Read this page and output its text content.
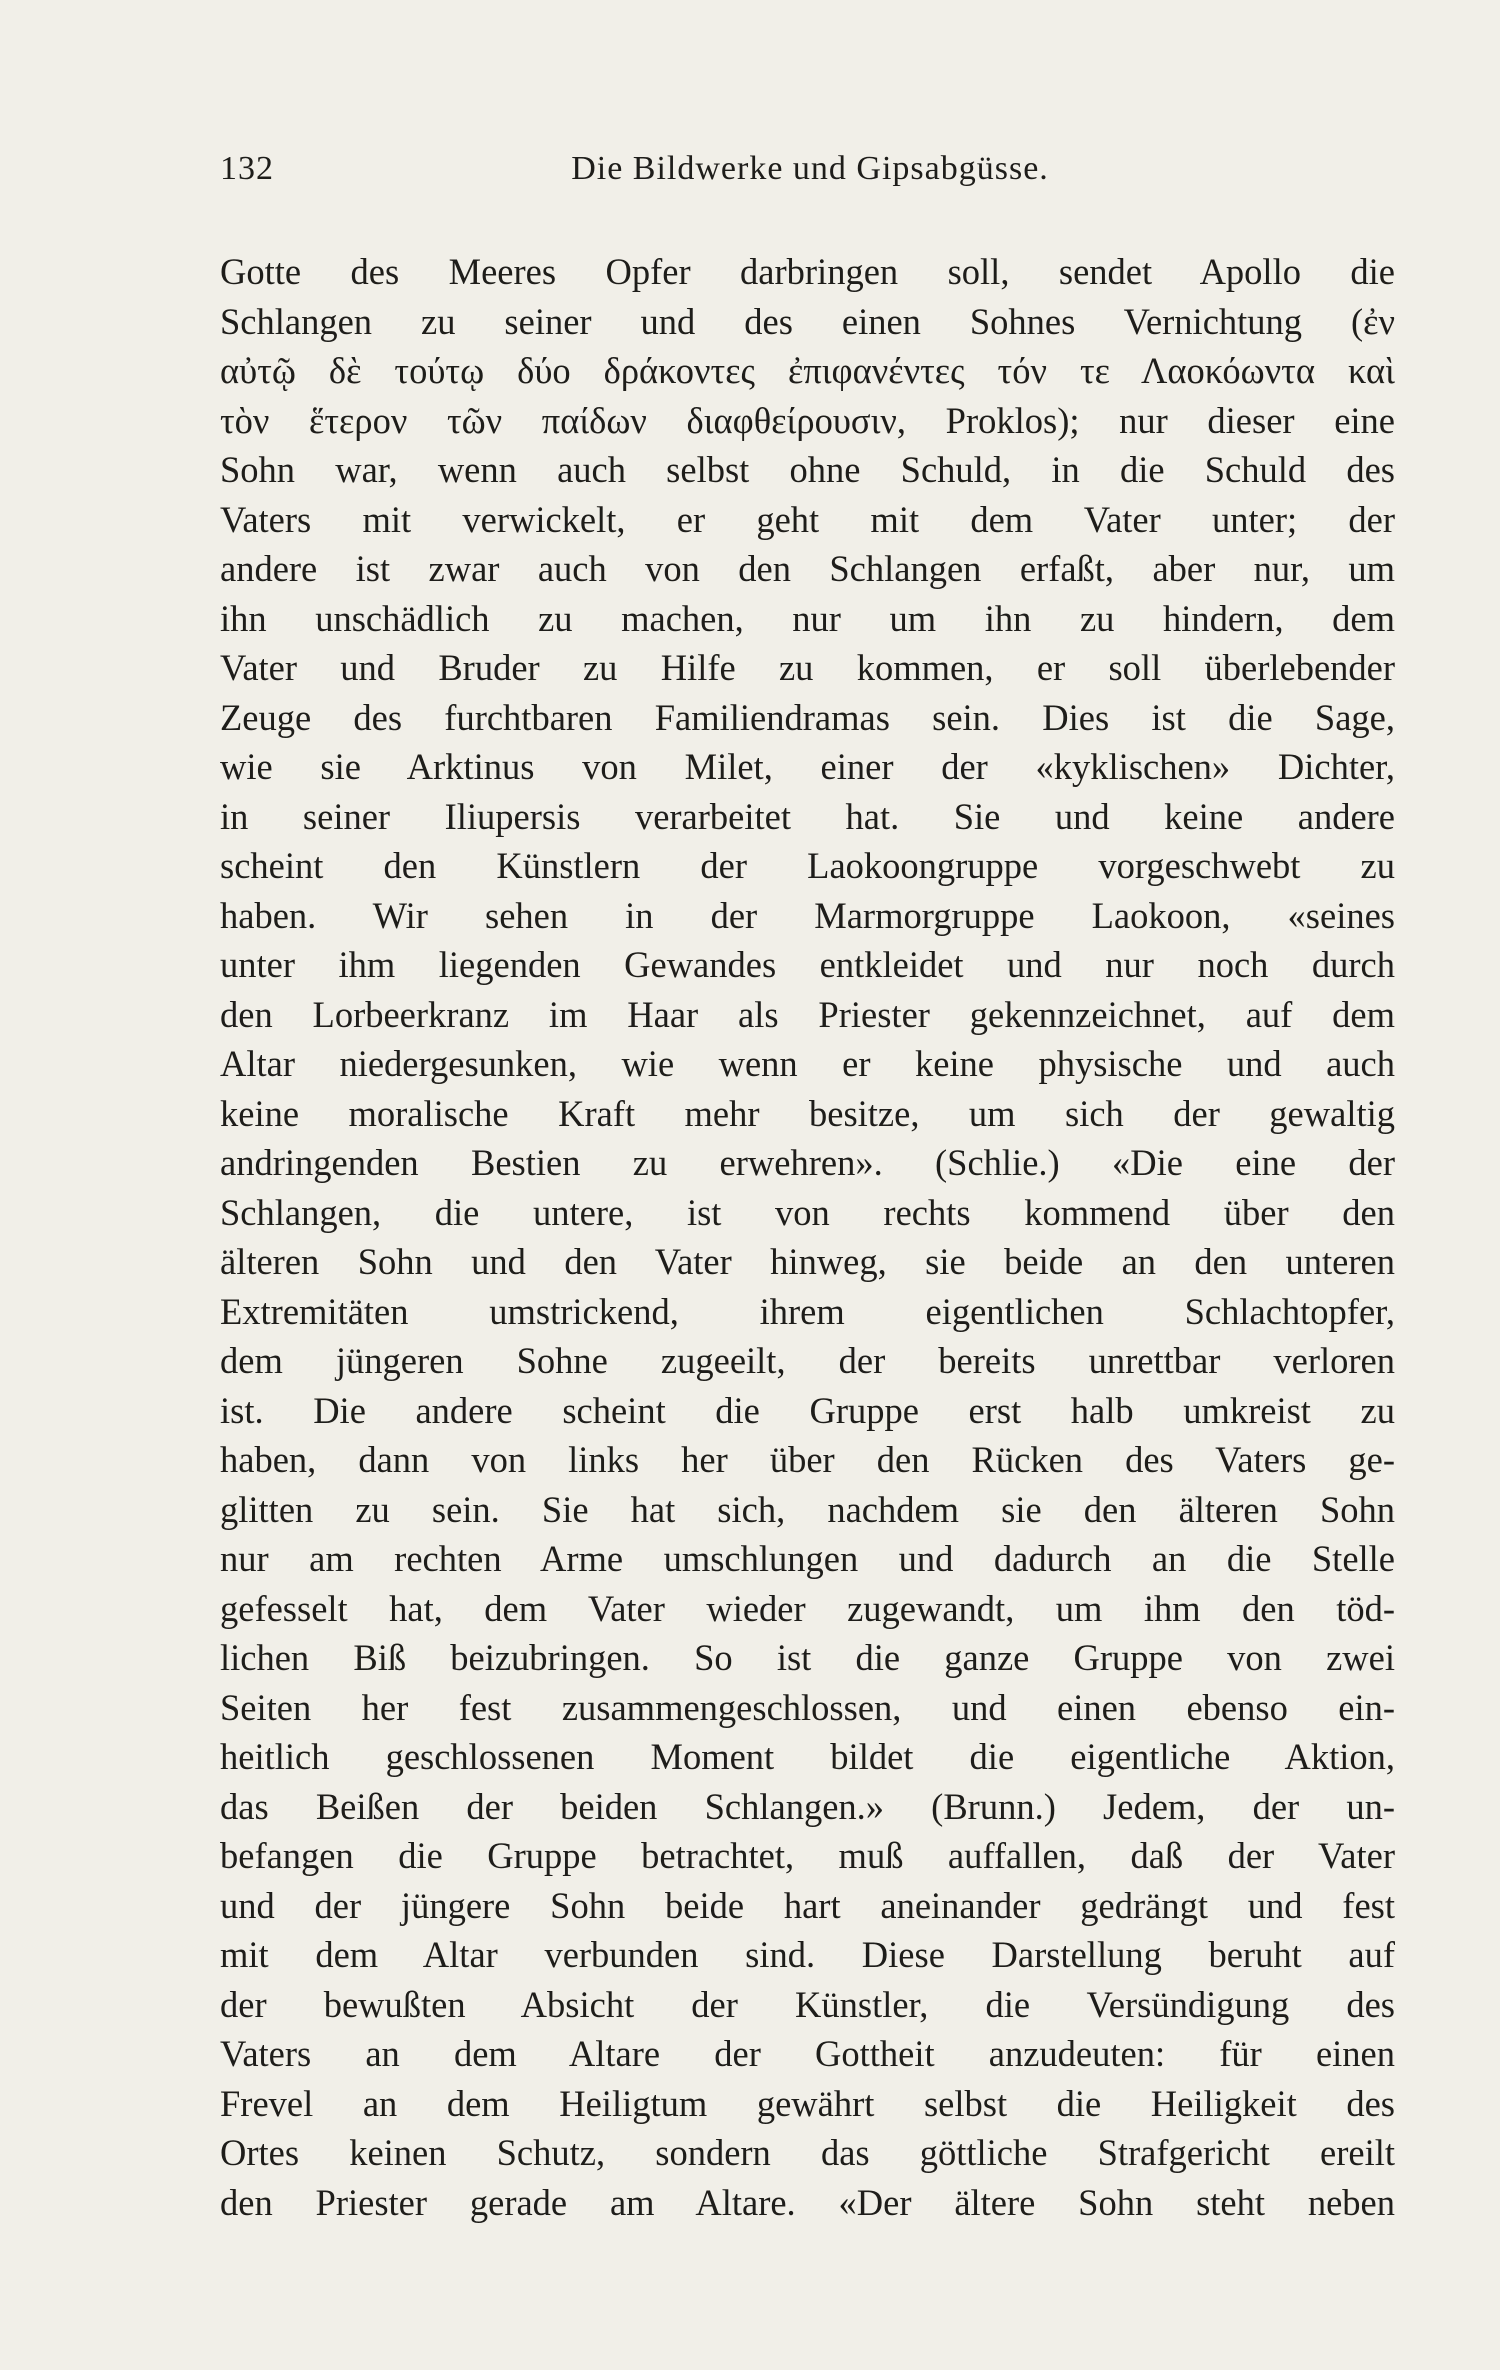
132	Die Bildwerke und Gipsabgüsse.
Gotte des Meeres Opfer darbringen soll, sendet Apollo die
Schlangen zu seiner und des einen Sohnes Vernichtung (ἐν
αὐτῷ δὲ τούτῳ δύο δράκοντες ἐπιφανέντες τόν τε Λαοκόωντα καὶ
τὸν ἕτερον τῶν παίδων διαφθείρουσιν, Proklos); nur dieser eine
Sohn war, wenn auch selbst ohne Schuld, in die Schuld des
Vaters mit verwickelt, er geht mit dem Vater unter; der
andere ist zwar auch von den Schlangen erfaßt, aber nur, um
ihn unschädlich zu machen, nur um ihn zu hindern, dem
Vater und Bruder zu Hilfe zu kommen, er soll überlebender
Zeuge des furchtbaren Familiendramas sein. Dies ist die Sage,
wie sie Arktinus von Milet, einer der «kyklischen» Dichter,
in seiner Iliupersis verarbeitet hat. Sie und keine andere
scheint den Künstlern der Laokoongruppe vorgeschwebt zu
haben. Wir sehen in der Marmorgruppe Laokoon, «seines
unter ihm liegenden Gewandes entkleidet und nur noch durch
den Lorbeerkranz im Haar als Priester gekennzeichnet, auf dem
Altar niedergesunken, wie wenn er keine physische und auch
keine moralische Kraft mehr besitze, um sich der gewaltig
andringenden Bestien zu erwehren». (Schlie.) «Die eine der
Schlangen, die untere, ist von rechts kommend über den
älteren Sohn und den Vater hinweg, sie beide an den unteren
Extremitäten umstrickend, ihrem eigentlichen Schlachtopfer,
dem jüngeren Sohne zugeeilt, der bereits unrettbar verloren
ist. Die andere scheint die Gruppe erst halb umkreist zu
haben, dann von links her über den Rücken des Vaters ge-
glitten zu sein. Sie hat sich, nachdem sie den älteren Sohn
nur am rechten Arme umschlungen und dadurch an die Stelle
gefesselt hat, dem Vater wieder zugewandt, um ihm den töd-
lichen Biß beizubringen. So ist die ganze Gruppe von zwei
Seiten her fest zusammengeschlossen, und einen ebenso ein-
heitlich geschlossenen Moment bildet die eigentliche Aktion,
das Beißen der beiden Schlangen.» (Brunn.) Jedem, der un-
befangen die Gruppe betrachtet, muß auffallen, daß der Vater
und der jüngere Sohn beide hart aneinander gedrängt und fest
mit dem Altar verbunden sind. Diese Darstellung beruht auf
der bewußten Absicht der Künstler, die Versündigung des
Vaters an dem Altare der Gottheit anzudeuten: für einen
Frevel an dem Heiligtum gewährt selbst die Heiligkeit des
Ortes keinen Schutz, sondern das göttliche Strafgericht ereilt
den Priester gerade am Altare. «Der ältere Sohn steht neben
